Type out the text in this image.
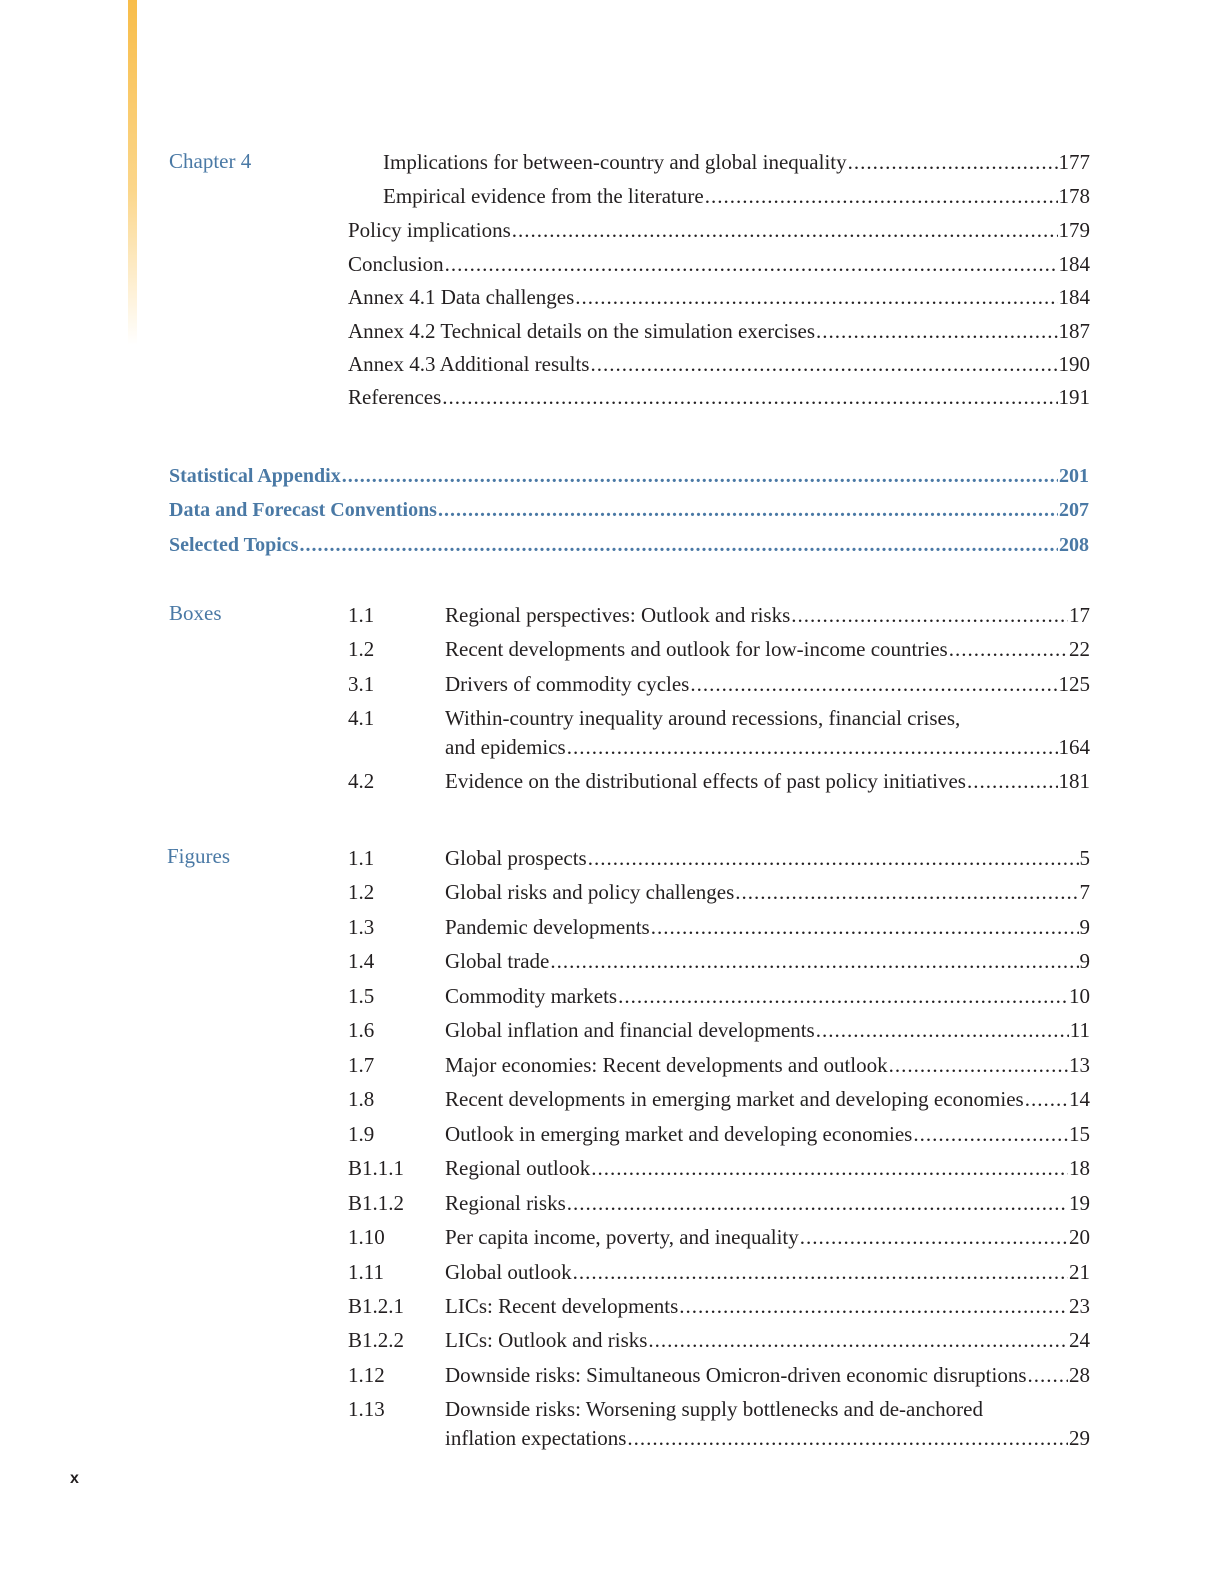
Chapter 4	Implications for between-country and global inequality .....	177
Empirical evidence from the literature .....	178
Policy implications .....	179
Conclusion .....	184
Annex 4.1 Data challenges .....	184
Annex 4.2 Technical details on the simulation exercises .....	187
Annex 4.3 Additional results .....	190
References .....	191
Statistical Appendix .....	201
Data and Forecast Conventions .....	207
Selected Topics .....	208
Boxes	1.1	Regional perspectives: Outlook and risks .....	17
1.2	Recent developments and outlook for low-income countries .....	22
3.1	Drivers of commodity cycles .....	125
4.1	Within-country inequality around recessions, financial crises,
and epidemics .....	164
4.2	Evidence on the distributional effects of past policy initiatives .....	181
Figures	1.1	Global prospects .....	5
1.2	Global risks and policy challenges .....	7
1.3	Pandemic developments .....	9
1.4	Global trade .....	9
1.5	Commodity markets .....	10
1.6	Global inflation and financial developments .....	11
1.7	Major economies: Recent developments and outlook .....	13
1.8	Recent developments in emerging market and developing economies ..... 14
1.9	Outlook in emerging market and developing economies .....	15
B1.1.1 Regional outlook .....	18
B1.1.2 Regional risks .....	19
1.10	Per capita income, poverty, and inequality .....	20
1.11	Global outlook .....	21
B1.2.1 LICs: Recent developments .....	23
B1.2.2 LICs: Outlook and risks .....	24
1.12	Downside risks: Simultaneous Omicron-driven economic disruptions ..... 28
1.13	Downside risks: Worsening supply bottlenecks and de-anchored
inflation expectations .....	29
x
